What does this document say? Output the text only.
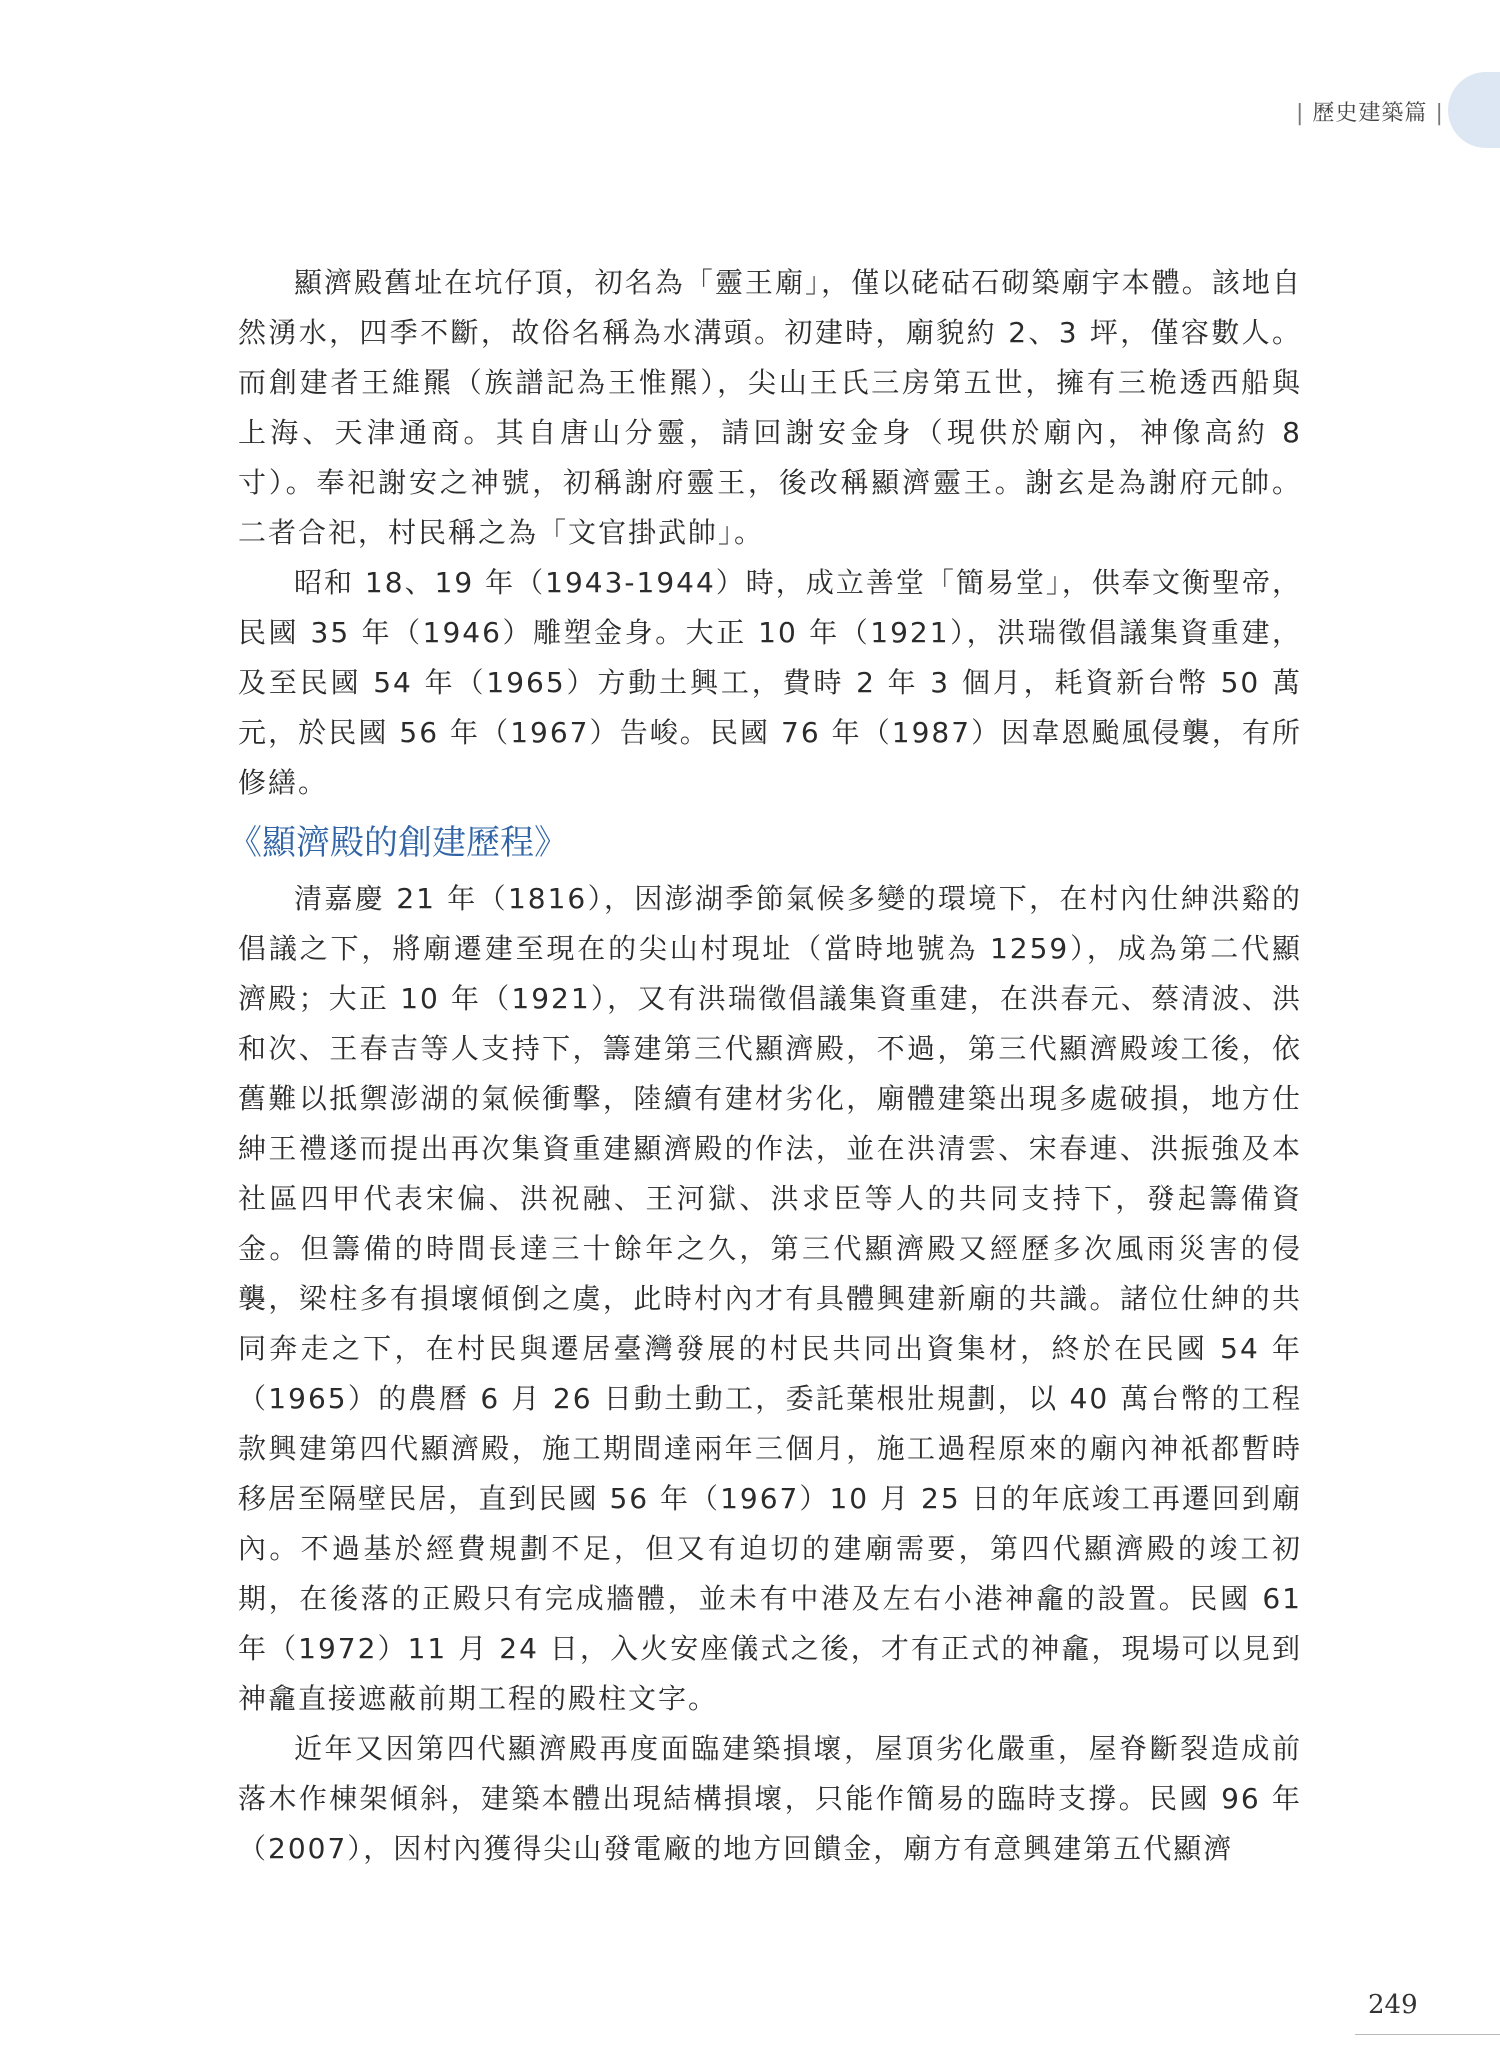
| 歷史建築篇 |

顯濟殿舊址在坑仔頂，初名為「靈王廟」，僅以硓𥑮石砌築廟宇本體。該地自然湧水，四季不斷，故俗名稱為水溝頭。初建時，廟貌約 2、3 坪，僅容數人。而創建者王維羆（族譜記為王惟羆），尖山王氏三房第五世，擁有三桅透西船與上海、天津通商。其自唐山分靈，請回謝安金身（現供於廟內，神像高約 8 寸）。奉祀謝安之神號，初稱謝府靈王，後改稱顯濟靈王。謝玄是為謝府元帥。二者合祀，村民稱之為「文官掛武帥」。

昭和 18、19 年（1943-1944）時，成立善堂「簡易堂」，供奉文衡聖帝，民國 35 年（1946）雕塑金身。大正 10 年（1921），洪瑞徵倡議集資重建，及至民國 54 年（1965）方動土興工，費時 2 年 3 個月，耗資新台幣 50 萬元，於民國 56 年（1967）告峻。民國 76 年（1987）因韋恩颱風侵襲，有所修繕。

《顯濟殿的創建歷程》

清嘉慶 21 年（1816），因澎湖季節氣候多變的環境下，在村內仕紳洪谿的倡議之下，將廟遷建至現在的尖山村現址（當時地號為 1259），成為第二代顯濟殿；大正 10 年（1921），又有洪瑞徵倡議集資重建，在洪春元、蔡清波、洪和次、王春吉等人支持下，籌建第三代顯濟殿，不過，第三代顯濟殿竣工後，依舊難以抵禦澎湖的氣候衝擊，陸續有建材劣化，廟體建築出現多處破損，地方仕紳王禮遂而提出再次集資重建顯濟殿的作法，並在洪清雲、宋春連、洪振強及本社區四甲代表宋偏、洪祝融、王河獄、洪求臣等人的共同支持下，發起籌備資金。但籌備的時間長達三十餘年之久，第三代顯濟殿又經歷多次風雨災害的侵襲，梁柱多有損壞傾倒之虞，此時村內才有具體興建新廟的共識。諸位仕紳的共同奔走之下，在村民與遷居臺灣發展的村民共同出資集材，終於在民國 54 年（1965）的農曆 6 月 26 日動土動工，委託葉根壯規劃，以 40 萬台幣的工程款興建第四代顯濟殿，施工期間達兩年三個月，施工過程原來的廟內神祇都暫時移居至隔壁民居，直到民國 56 年（1967）10 月 25 日的年底竣工再遷回到廟內。不過基於經費規劃不足，但又有迫切的建廟需要，第四代顯濟殿的竣工初期，在後落的正殿只有完成牆體，並未有中港及左右小港神龕的設置。民國 61 年（1972）11 月 24 日，入火安座儀式之後，才有正式的神龕，現場可以見到神龕直接遮蔽前期工程的殿柱文字。

近年又因第四代顯濟殿再度面臨建築損壞，屋頂劣化嚴重，屋脊斷裂造成前落木作棟架傾斜，建築本體出現結構損壞，只能作簡易的臨時支撐。民國 96 年（2007），因村內獲得尖山發電廠的地方回饋金，廟方有意興建第五代顯濟

249
